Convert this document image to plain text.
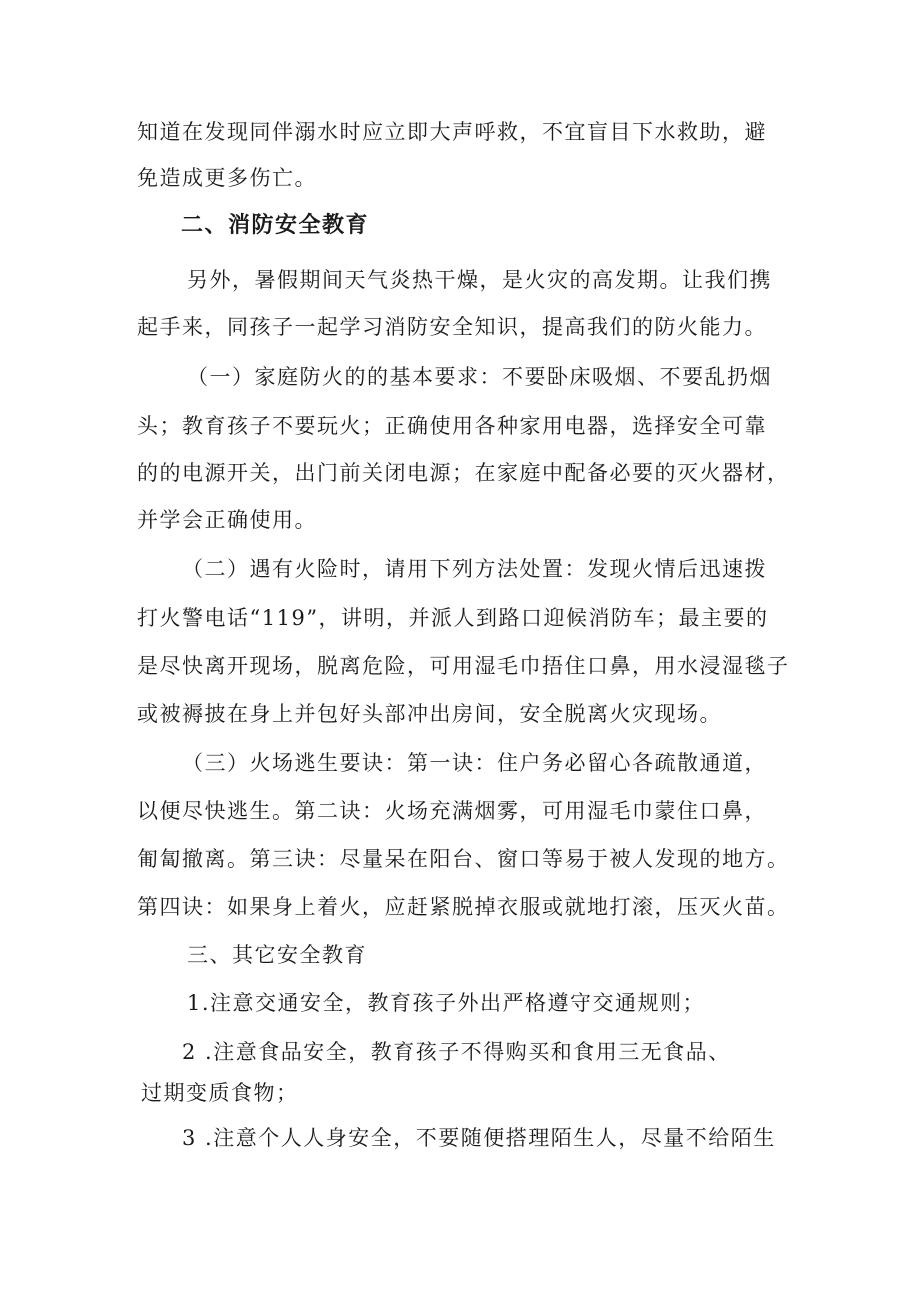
知道在发现同伴溺水时应立即大声呼救，不宜盲目下水救助，避
免造成更多伤亡。
二、消防安全教育
另外，暑假期间天气炎热干燥，是火灾的高发期。让我们携
起手来，同孩子一起学习消防安全知识，提高我们的防火能力。
（一）家庭防火的的基本要求：不要卧床吸烟、不要乱扔烟
头；教育孩子不要玩火；正确使用各种家用电器，选择安全可靠
的的电源开关，出门前关闭电源；在家庭中配备必要的灭火器材，
并学会正确使用。
（二）遇有火险时，请用下列方法处置：发现火情后迅速拨
打火警电话“119”，讲明，并派人到路口迎候消防车；最主要的
是尽快离开现场，脱离危险，可用湿毛巾捂住口鼻，用水浸湿毯子
或被褥披在身上并包好头部冲出房间，安全脱离火灾现场。
（三）火场逃生要诀：第一诀：住户务必留心各疏散通道，
以便尽快逃生。第二诀：火场充满烟雾，可用湿毛巾蒙住口鼻，
匍匐撤离。第三诀：尽量呆在阳台、窗口等易于被人发现的地方。
第四诀：如果身上着火，应赶紧脱掉衣服或就地打滚，压灭火苗。
三、其它安全教育
1.注意交通安全，教育孩子外出严格遵守交通规则；
2 .注意食品安全，教育孩子不得购买和食用三无食品、
过期变质食物；
3 .注意个人人身安全，不要随便搭理陌生人，尽量不给陌生
